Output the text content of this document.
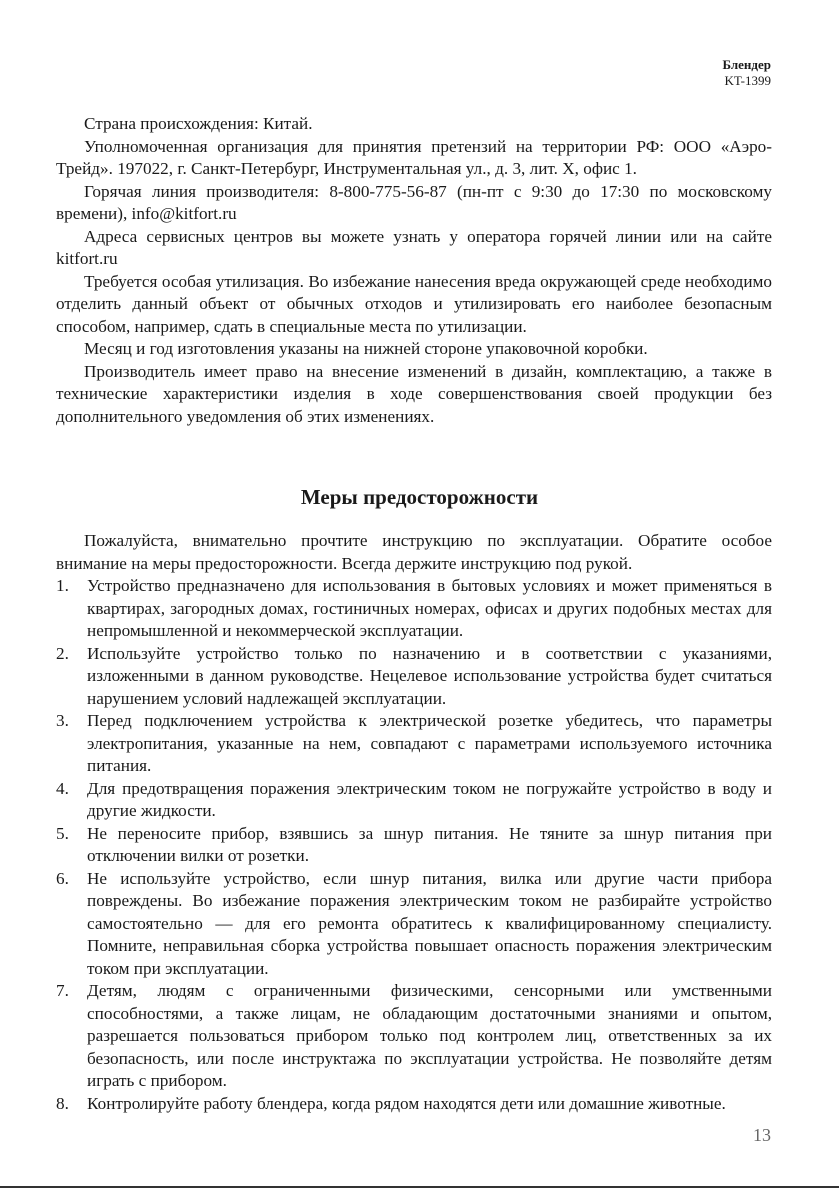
Блендер
KT-1399

Страна происхождения: Китай.

Уполномоченная организация для принятия претензий на территории РФ: ООО «Аэро-Трейд». 197022, г. Санкт-Петербург, Инструментальная ул., д. 3, лит. Х, офис 1.

Горячая линия производителя: 8-800-775-56-87 (пн-пт с 9:30 до 17:30 по московскому времени), info@kitfort.ru

Адреса сервисных центров вы можете узнать у оператора горячей линии или на сайте kitfort.ru

Требуется особая утилизация. Во избежание нанесения вреда окружающей среде необходимо отделить данный объект от обычных отходов и утилизировать его наиболее безопасным способом, например, сдать в специальные места по утилизации.

Месяц и год изготовления указаны на нижней стороне упаковочной коробки.

Производитель имеет право на внесение изменений в дизайн, комплектацию, а также в технические характеристики изделия в ходе совершенствования своей продукции без дополнительного уведомления об этих изменениях.

Меры предосторожности

Пожалуйста, внимательно прочтите инструкцию по эксплуатации. Обратите особое внимание на меры предосторожности. Всегда держите инструкцию под рукой.

1. Устройство предназначено для использования в бытовых условиях и может применяться в квартирах, загородных домах, гостиничных номерах, офисах и других подобных местах для непромышленной и некоммерческой эксплуатации.
2. Используйте устройство только по назначению и в соответствии с указаниями, изложенными в данном руководстве. Нецелевое использование устройства будет считаться нарушением условий надлежащей эксплуатации.
3. Перед подключением устройства к электрической розетке убедитесь, что параметры электропитания, указанные на нем, совпадают с параметрами используемого источника питания.
4. Для предотвращения поражения электрическим током не погружайте устройство в воду и другие жидкости.
5. Не переносите прибор, взявшись за шнур питания. Не тяните за шнур питания при отключении вилки от розетки.
6. Не используйте устройство, если шнур питания, вилка или другие части прибора повреждены. Во избежание поражения электрическим током не разбирайте устройство самостоятельно — для его ремонта обратитесь к квалифицированному специалисту. Помните, неправильная сборка устройства повышает опасность поражения электрическим током при эксплуатации.
7. Детям, людям с ограниченными физическими, сенсорными или умственными способностями, а также лицам, не обладающим достаточными знаниями и опытом, разрешается пользоваться прибором только под контролем лиц, ответственных за их безопасность, или после инструктажа по эксплуатации устройства. Не позволяйте детям играть с прибором.
8. Контролируйте работу блендера, когда рядом находятся дети или домашние животные.
13
